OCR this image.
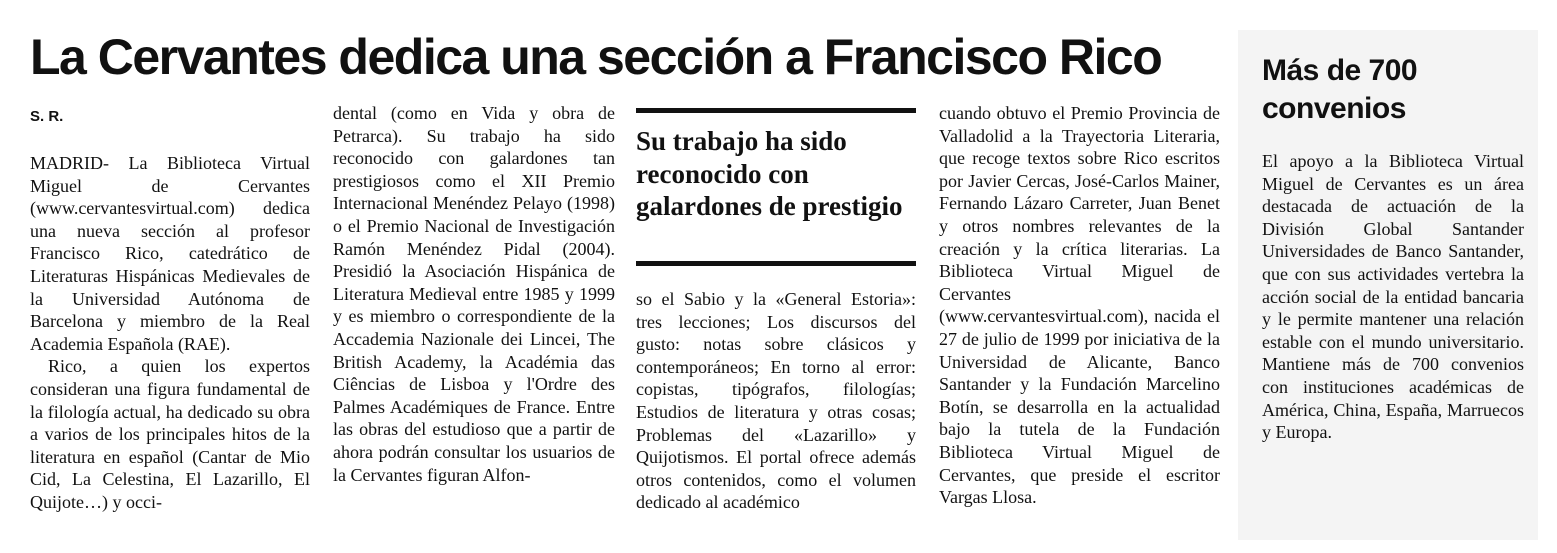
La Cervantes dedica una sección a Francisco Rico
S. R.

MADRID- La Biblioteca Virtual Miguel de Cervantes (www.cervantesvirtual.com) dedica una nueva sección al profesor Francisco Rico, catedrático de Literaturas Hispánicas Medievales de la Universidad Autónoma de Barcelona y miembro de la Real Academia Española (RAE).

Rico, a quien los expertos consideran una figura fundamental de la filología actual, ha dedicado su obra a varios de los principales hitos de la literatura en español (Cantar de Mio Cid, La Celestina, El Lazarillo, El Quijote…) y occi-

dental (como en Vida y obra de Petrarca). Su trabajo ha sido reconocido con galardones tan prestigiosos como el XII Premio Internacional Menéndez Pelayo (1998) o el Premio Nacional de Investigación Ramón Menéndez Pidal (2004). Presidió la Asociación Hispánica de Literatura Medieval entre 1985 y 1999 y es miembro o correspondiente de la Accademia Nazionale dei Lincei, The British Academy, la Académia das Ciências de Lisboa y l'Ordre des Palmes Académiques de France. Entre las obras del estudioso que a partir de ahora podrán consultar los usuarios de la Cervantes figuran Alfon-

Su trabajo ha sido reconocido con galardones de prestigio

so el Sabio y la «General Estoria»: tres lecciones; Los discursos del gusto: notas sobre clásicos y contemporáneos; En torno al error: copistas, tipógrafos, filologías; Estudios de literatura y otras cosas; Problemas del «Lazarillo» y Quijotismos. El portal ofrece además otros contenidos, como el volumen dedicado al académico

cuando obtuvo el Premio Provincia de Valladolid a la Trayectoria Literaria, que recoge textos sobre Rico escritos por Javier Cercas, José-Carlos Mainer, Fernando Lázaro Carreter, Juan Benet y otros nombres relevantes de la creación y la crítica literarias. La Biblioteca Virtual Miguel de Cervantes (www.cervantesvirtual.com), nacida el 27 de julio de 1999 por iniciativa de la Universidad de Alicante, Banco Santander y la Fundación Marcelino Botín, se desarrolla en la actualidad bajo la tutela de la Fundación Biblioteca Virtual Miguel de Cervantes, que preside el escritor Vargas Llosa.

Más de 700 convenios
El apoyo a la Biblioteca Virtual Miguel de Cervantes es un área destacada de actuación de la División Global Santander Universidades de Banco Santander, que con sus actividades vertebra la acción social de la entidad bancaria y le permite mantener una relación estable con el mundo universitario. Mantiene más de 700 convenios con instituciones académicas de América, China, España, Marruecos y Europa.
